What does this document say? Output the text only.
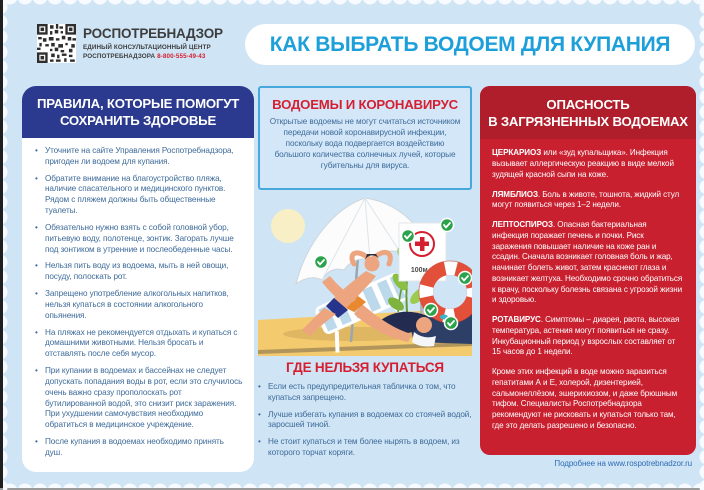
РОСПОТРЕБНАДЗОР
ЕДИНЫЙ КОНСУЛЬТАЦИОННЫЙ ЦЕНТР
РОСПОТРЕБНАДЗОРА 8-800-555-49-43
КАК ВЫБРАТЬ ВОДОЕМ ДЛЯ КУПАНИЯ
ПРАВИЛА, КОТОРЫЕ ПОМОГУТ
СОХРАНИТЬ ЗДОРОВЬЕ
• Уточните на сайте Управления Роспотребнадзора, пригоден ли водоем для купания.
• Обратите внимание на благоустройство пляжа, наличие спасательного и медицинского пунктов. Рядом с пляжем должны быть общественные туалеты.
• Обязательно нужно взять с собой головной убор, питьевую воду, полотенце, зонтик. Загорать лучше под зонтиком в утренние и послеобеденные часы.
• Нельзя пить воду из водоема, мыть в ней овощи, посуду, полоскать рот.
• Запрещено употребление алкогольных напитков, нельзя купаться в состоянии алкогольного опьянения.
• На пляжах не рекомендуется отдыхать и купаться с домашними животными. Нельзя бросать и отставлять после себя мусор.
• При купании в водоемах и бассейнах не следует допускать попадания воды в рот, если это случилось очень важно сразу прополоскать рот бутилированной водой, это снизит риск заражения. При ухудшении самочувствия необходимо обратиться в медицинское учреждение.
• После купания в водоемах необходимо принять душ.
ВОДОЕМЫ И КОРОНАВИРУС
Открытые водоемы не могут считаться источником передачи новой коронавирусной инфекции, поскольку вода подвергается воздействию большого количества солнечных лучей, которые губительны для вируса.
100м ▸
ГДЕ НЕЛЬЗЯ КУПАТЬСЯ
• Если есть предупредительная табличка о том, что купаться запрещено.
• Лучше избегать купания в водоемах со стоячей водой, заросшей тиной.
• Не стоит купаться и тем более нырять в водоем, из которого торчат коряги.
ОПАСНОСТЬ
В ЗАГРЯЗНЕННЫХ ВОДОЕМАХ
ЦЕРКАРИОЗ или «зуд купальщика». Инфекция вызывает аллергическую реакцию в виде мелкой зудящей красной сыпи на коже.
ЛЯМБЛИОЗ. Боль в животе, тошнота, жидкий стул могут появиться через 1–2 недели.
ЛЕПТОСПИРОЗ. Опасная бактериальная инфекция поражает печень и почки. Риск заражения повышает наличие на коже ран и ссадин. Сначала возникает головная боль и жар, начинает болеть живот, затем краснеют глаза и возникает желтуха. Необходимо срочно обратиться к врачу, поскольку болезнь связана с угрозой жизни и здоровью.
РОТАВИРУС. Симптомы – диарея, рвота, высокая температура, астения могут появиться не сразу. Инкубационный период у взрослых составляет от 15 часов до 1 недели.
Кроме этих инфекций в воде можно заразиться гепатитами А и Е, холерой, дизентерией, сальмонеллёзом, эшерихиозом, и даже брюшным тифом. Специалисты Роспотребнадзора рекомендуют не рисковать и купаться только там, где это делать разрешено и безопасно.
Подробнее на www.rospotrebnadzor.ru
